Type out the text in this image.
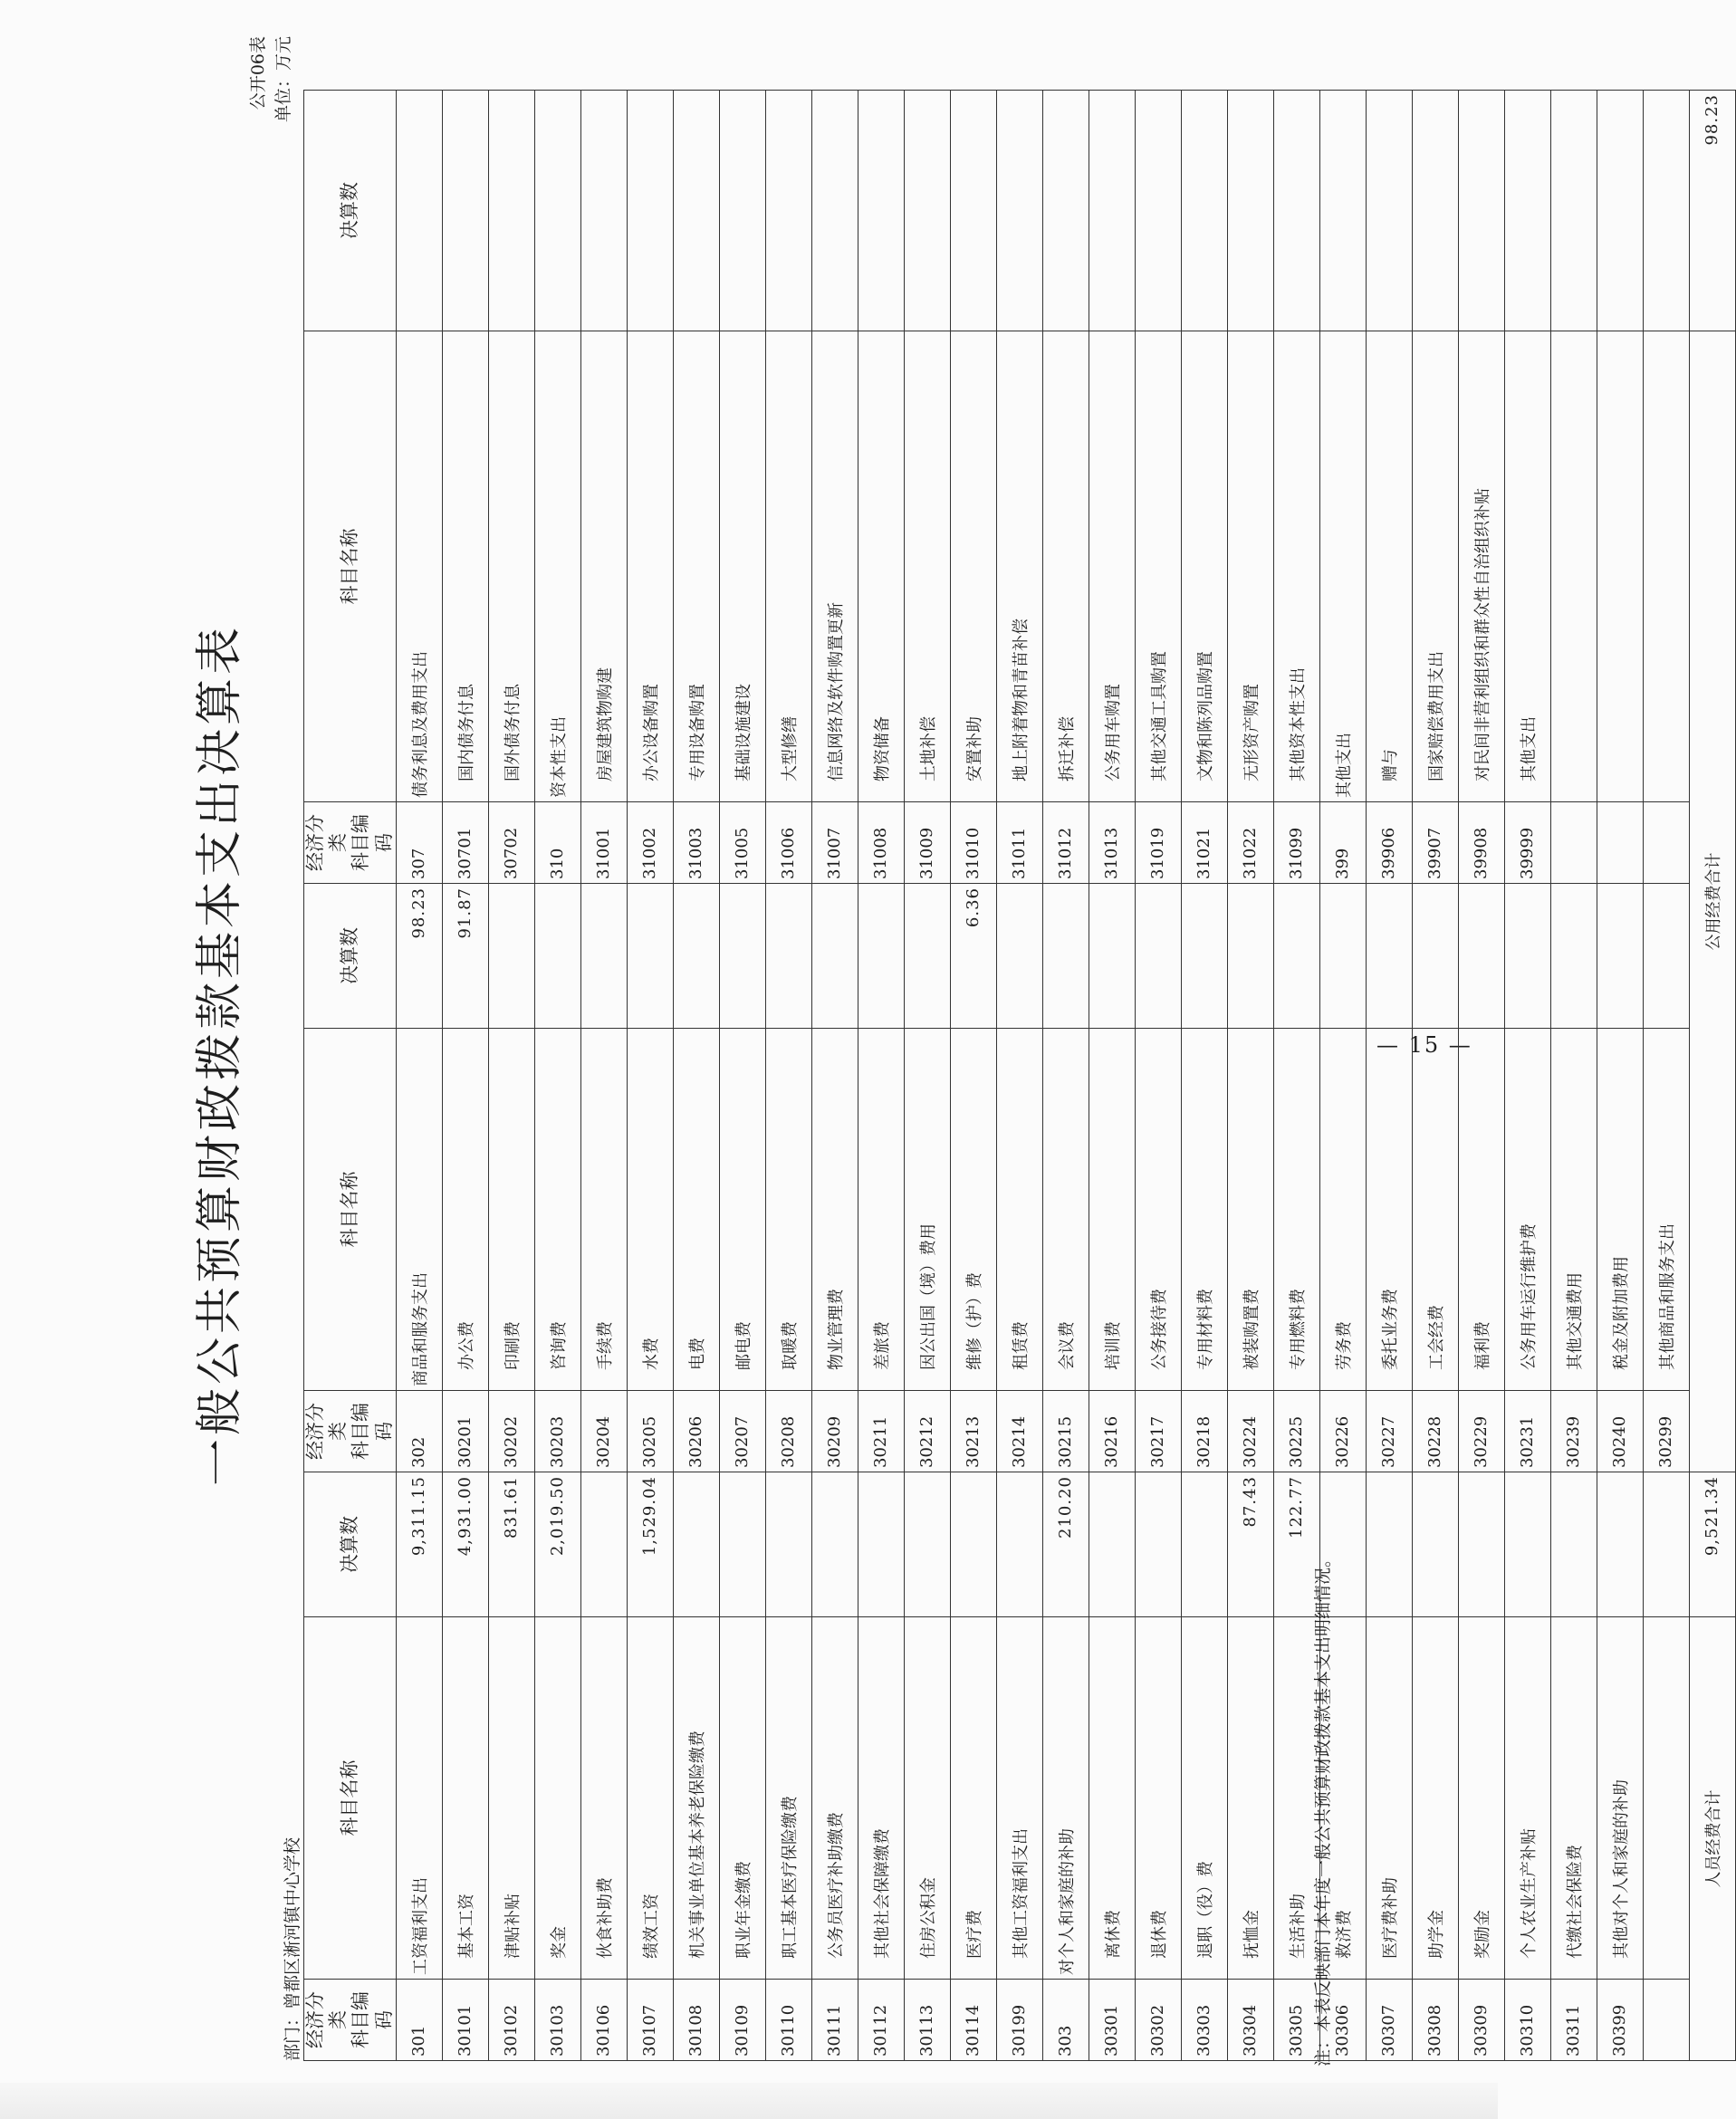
— 15 —
一般公共预算财政拨款基本支出决算表
公开06表 单位：万元
部门：曾都区淅河镇中心学校 经济分类
科目编码	科目名称	决算数	经济分类
科目编码	科目名称	决算数	经济分类
科目编码	科目名称	决算数
301	工资福利支出	9,311.15	302	商品和服务支出	98.23	307	债务利息及费用支出	
30101	基本工资	4,931.00	30201	办公费	91.87	30701	国内债务付息	
30102	津贴补贴	831.61	30202	印刷费		30702	国外债务付息	
30103	奖金	2,019.50	30203	咨询费		310	资本性支出	
30106	伙食补助费		30204	手续费		31001	房屋建筑物购建	
30107	绩效工资	1,529.04	30205	水费		31002	办公设备购置	
30108	机关事业单位基本养老保险缴费		30206	电费		31003	专用设备购置	
30109	职业年金缴费		30207	邮电费		31005	基础设施建设	
30110	职工基本医疗保险缴费		30208	取暖费		31006	大型修缮	
30111	公务员医疗补助缴费		30209	物业管理费		31007	信息网络及软件购置更新	
30112	其他社会保障缴费		30211	差旅费		31008	物资储备	
30113	住房公积金		30212	因公出国（境）费用		31009	土地补偿	
30114	医疗费		30213	维修（护）费	6.36	31010	安置补助	
30199	其他工资福利支出		30214	租赁费		31011	地上附着物和青苗补偿	
303	对个人和家庭的补助	210.20	30215	会议费		31012	拆迁补偿	
30301	离休费		30216	培训费		31013	公务用车购置	
30302	退休费		30217	公务接待费		31019	其他交通工具购置	
30303	退职（役）费		30218	专用材料费		31021	文物和陈列品购置	
30304	抚恤金	87.43	30224	被装购置费		31022	无形资产购置	
30305	生活补助	122.77	30225	专用燃料费		31099	其他资本性支出	
30306	救济费		30226	劳务费		399	其他支出	
30307	医疗费补助		30227	委托业务费		39906	赠与	
30308	助学金		30228	工会经费		39907	国家赔偿费用支出	
30309	奖励金		30229	福利费		39908	对民间非营利组织和群众性自治组织补贴	
30310	个人农业生产补贴		30231	公务用车运行维护费		39999	其他支出	
30311	代缴社会保险费		30239	其他交通费用				
30399	其他对个人和家庭的补助		30240	税金及附加费用				
			30299	其他商品和服务支出				
人员经费合计		9,521.34	公用经费合计					98.23
注：本表反映部门本年度一般公共预算财政拨款基本支出明细情况。
